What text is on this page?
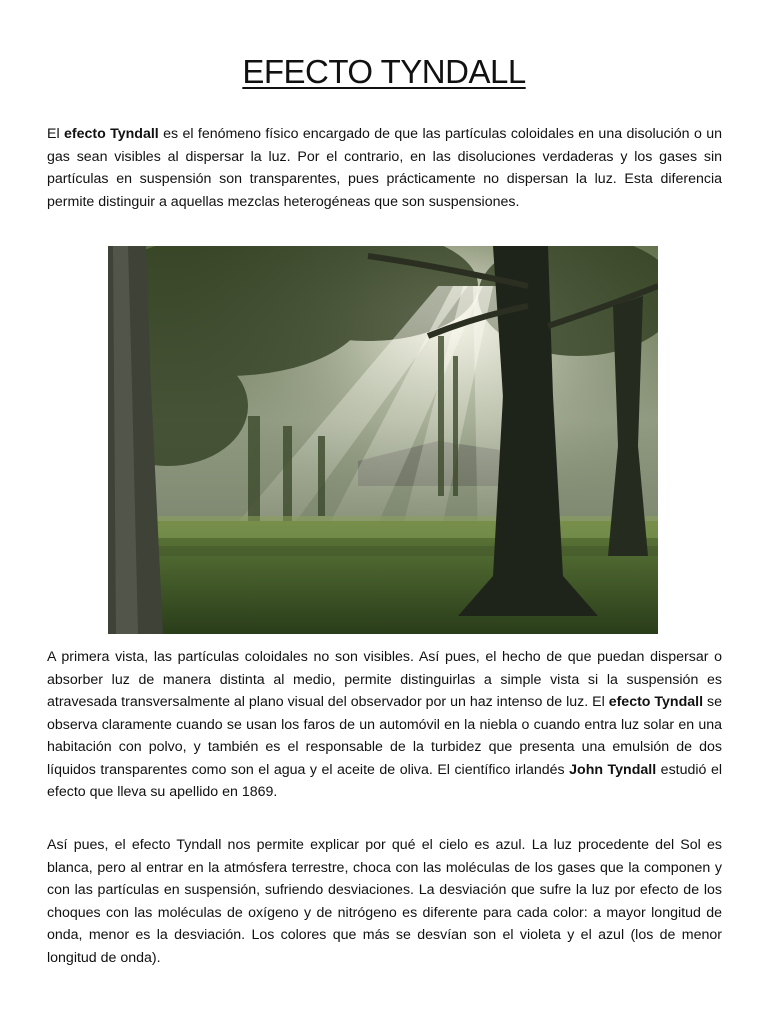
EFECTO TYNDALL

El efecto Tyndall es el fenómeno físico encargado de que las partículas coloidales en una disolución o un gas sean visibles al dispersar la luz. Por el contrario, en las disoluciones verdaderas y los gases sin partículas en suspensión son transparentes, pues prácticamente no dispersan la luz. Esta diferencia permite distinguir a aquellas mezclas heterogéneas que son suspensiones.

A primera vista, las partículas coloidales no son visibles. Así pues, el hecho de que puedan dispersar o absorber luz de manera distinta al medio, permite distinguirlas a simple vista si la suspensión es atravesada transversalmente al plano visual del observador por un haz intenso de luz. El efecto Tyndall se observa claramente cuando se usan los faros de un automóvil en la niebla o cuando entra luz solar en una habitación con polvo, y también es el responsable de la turbidez que presenta una emulsión de dos líquidos transparentes como son el agua y el aceite de oliva. El científico irlandés John Tyndall estudió el efecto que lleva su apellido en 1869.

Así pues, el efecto Tyndall nos permite explicar por qué el cielo es azul. La luz procedente del Sol es blanca, pero al entrar en la atmósfera terrestre, choca con las moléculas de los gases que la componen y con las partículas en suspensión, sufriendo desviaciones. La desviación que sufre la luz por efecto de los choques con las moléculas de oxígeno y de nitrógeno es diferente para cada color: a mayor longitud de onda, menor es la desviación. Los colores que más se desvían son el violeta y el azul (los de menor longitud de onda).
